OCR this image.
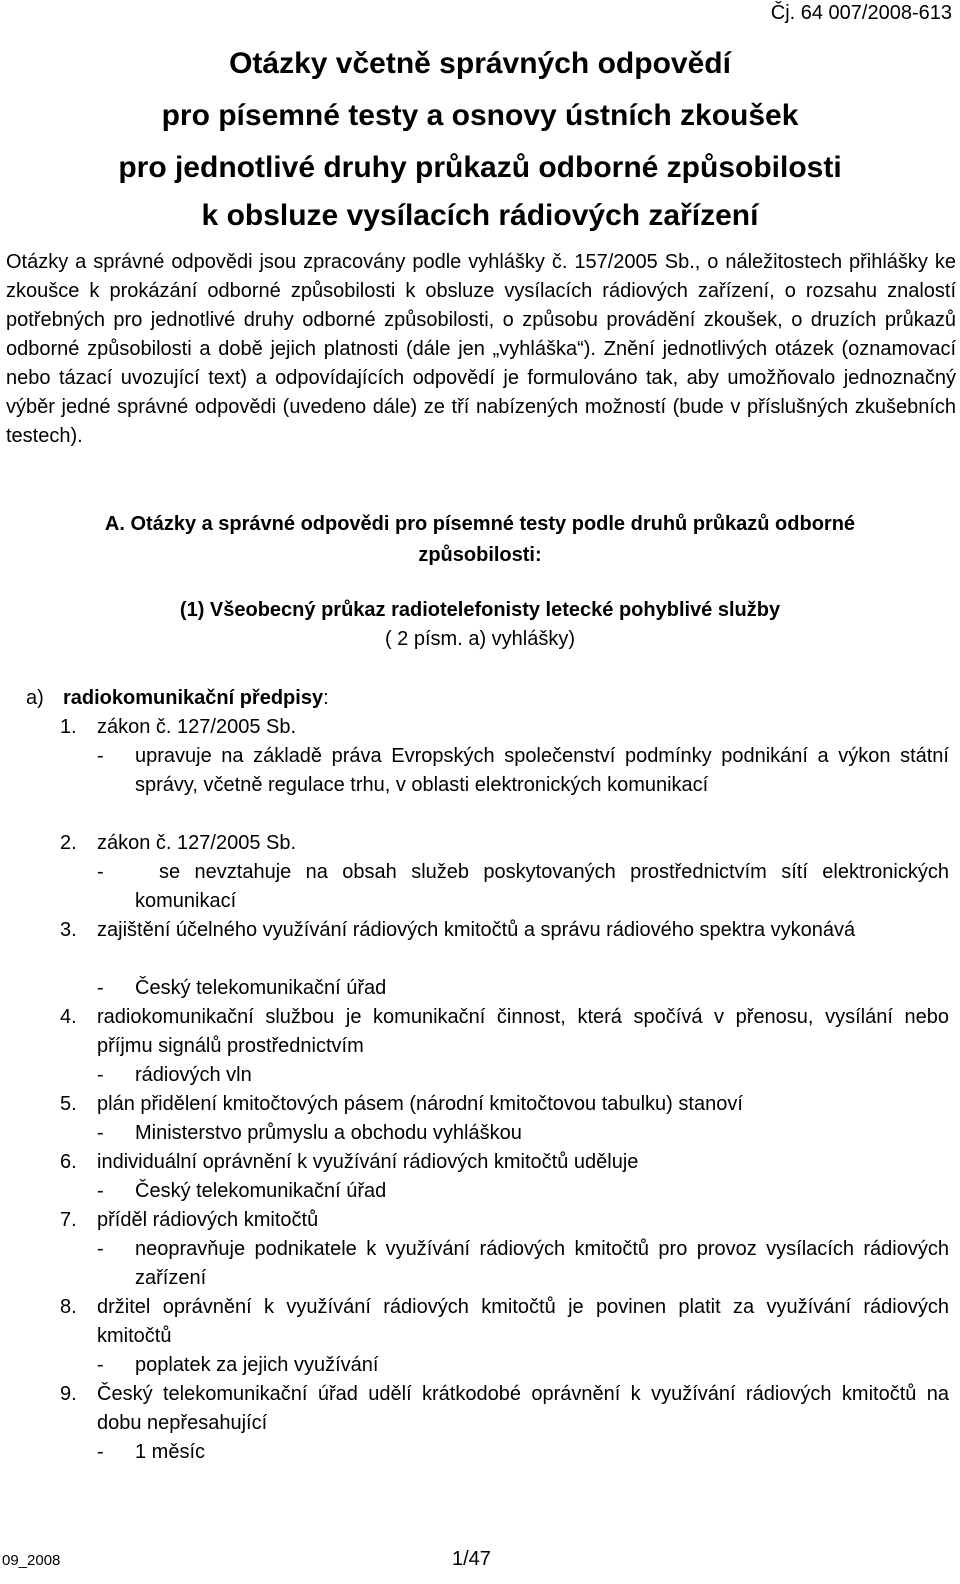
Čj. 64 007/2008-613
Otázky včetně správných odpovědí
pro písemné testy a osnovy ústních zkoušek
pro jednotlivé druhy průkazů odborné způsobilosti
k obsluze vysílacích rádiových zařízení
Otázky a správné odpovědi jsou zpracovány podle vyhlášky č. 157/2005 Sb., o náležitostech přihlášky ke zkoušce k prokázání odborné způsobilosti k obsluze vysílacích rádiových zařízení, o rozsahu znalostí potřebných pro jednotlivé druhy odborné způsobilosti, o způsobu provádění zkoušek, o druzích průkazů odborné způsobilosti a době jejich platnosti (dále jen „vyhláška“). Znění jednotlivých otázek (oznamovací nebo tázací uvozující text) a odpovídajících odpovědí je formulováno tak, aby umožňovalo jednoznačný výběr jedné správné odpovědi (uvedeno dále) ze tří nabízených možností (bude v příslušných zkušebních testech).
A. Otázky a správné odpovědi pro písemné testy podle druhů průkazů odborné
způsobilosti:
(1) Všeobecný průkaz radiotelefonisty letecké pohyblivé služby
( 2 písm. a) vyhlášky)
a) radiokomunikační předpisy:
1. zákon č. 127/2005 Sb.
- upravuje na základě práva Evropských společenství podmínky podnikání a výkon státní správy, včetně regulace trhu, v oblasti elektronických komunikací
2. zákon č. 127/2005 Sb.
-	se nevztahuje na obsah služeb poskytovaných prostřednictvím sítí elektronických komunikací
3. zajištění účelného využívání rádiových kmitočtů a správu rádiového spektra vykonává
- Český telekomunikační úřad
4. radiokomunikační službou je komunikační činnost, která spočívá v přenosu, vysílání nebo příjmu signálů prostřednictvím
- rádiových vln
5. plán přidělení kmitočtových pásem (národní kmitočtovou tabulku) stanoví
- Ministerstvo průmyslu a obchodu vyhláškou
6. individuální oprávnění k využívání rádiových kmitočtů uděluje
- Český telekomunikační úřad
7. příděl rádiových kmitočtů
- neopravňuje podnikatele k využívání rádiových kmitočtů pro provoz vysílacích rádiových zařízení
8. držitel oprávnění k využívání rádiových kmitočtů je povinen platit za využívání rádiových kmitočtů
- poplatek za jejich využívání
9. Český telekomunikační úřad udělí krátkodobé oprávnění k využívání rádiových kmitočtů na dobu nepřesahující
- 1 měsíc
09_2008	1/47
